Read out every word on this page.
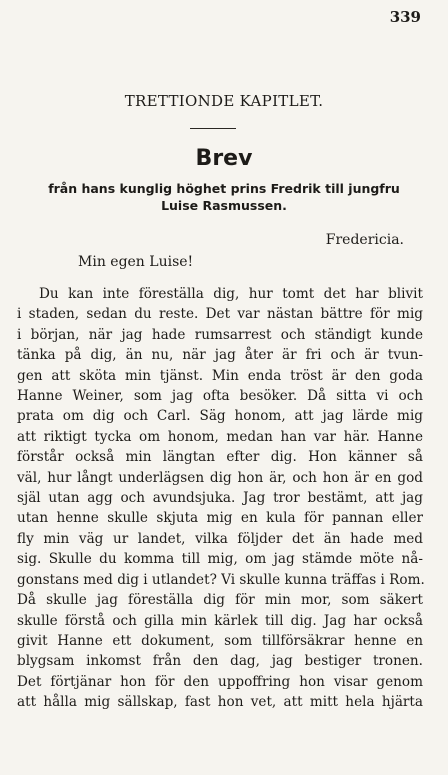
339
TRETTIONDE KAPITLET.
Brev
från hans kunglig höghet prins Fredrik till jungfru
Luise Rasmussen.
Fredericia.
Min egen Luise!
Du kan inte föreställa dig, hur tomt det har blivit
i staden, sedan du reste. Det var nästan bättre för mig
i början, när jag hade rumsarrest och ständigt kunde
tänka på dig, än nu, när jag åter är fri och är tvun-
gen att sköta min tjänst. Min enda tröst är den goda
Hanne Weiner, som jag ofta besöker. Då sitta vi och
prata om dig och Carl. Säg honom, att jag lärde mig
att riktigt tycka om honom, medan han var här. Hanne
förstår också min längtan efter dig. Hon känner så
väl, hur långt underlägsen dig hon är, och hon är en god
själ utan agg och avundsjuka. Jag tror bestämt, att jag
utan henne skulle skjuta mig en kula för pannan eller
fly min väg ur landet, vilka följder det än hade med
sig. Skulle du komma till mig, om jag stämde möte nå-
gonstans med dig i utlandet? Vi skulle kunna träffas i Rom.
Då skulle jag föreställa dig för min mor, som säkert
skulle förstå och gilla min kärlek till dig. Jag har också
givit Hanne ett dokument, som tillförsäkrar henne en
blygsam inkomst från den dag, jag bestiger tronen.
Det förtjänar hon för den uppoffring hon visar genom
att hålla mig sällskap, fast hon vet, att mitt hela hjärta
